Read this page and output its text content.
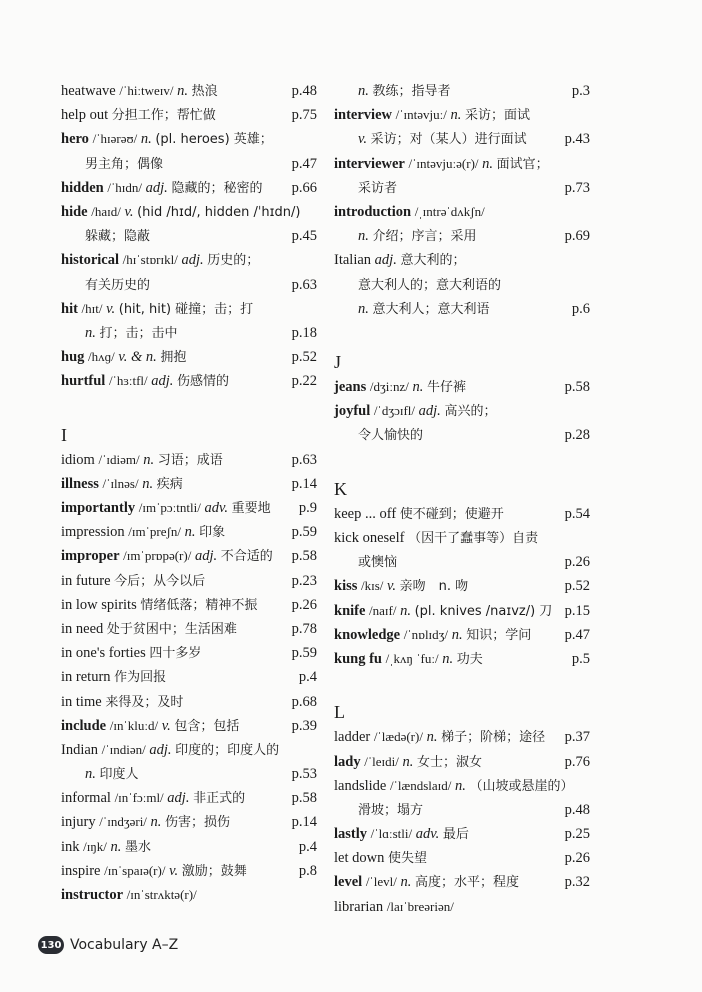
heatwave /ˈhiːtweɪv/ n. 热浪	p.48
help out 分担工作；帮忙做	p.75
hero /ˈhɪərəʊ/ n. (pl. heroes) 英雄；
男主角；偶像	p.47
hidden /ˈhɪdn/ adj. 隐藏的；秘密的 p.66
hide /haɪd/ v. (hid /hɪd/, hidden /ˈhɪdn/)
躲藏；隐蔽	p.45
historical /hɪˈstɒrɪkl/ adj. 历史的；
有关历史的	p.63
hit /hɪt/ v. (hit, hit) 碰撞；击；打
n. 打；击；击中	p.18
hug /hʌɡ/ v. & n. 拥抱	p.52
hurtful /ˈhɜːtfl/ adj. 伤感情的	p.22
I
idiom /ˈɪdiəm/ n. 习语；成语	p.63
illness /ˈɪlnəs/ n. 疾病	p.14
importantly /ɪmˈpɔːtntli/ adv. 重要地 p.9
impression /ɪmˈpreʃn/ n. 印象	p.59
improper /ɪmˈprɒpə(r)/ adj. 不合适的 p.58
in future 今后；从今以后	p.23
in low spirits 情绪低落；精神不振 p.26
in need 处于贫困中；生活困难	p.78
in one's forties 四十多岁	p.59
in return 作为回报	p.4
in time 来得及；及时	p.68
include /ɪnˈkluːd/ v. 包含；包括	p.39
Indian /ˈɪndiən/ adj. 印度的；印度人的
n. 印度人	p.53
informal /ɪnˈfɔːml/ adj. 非正式的	p.58
injury /ˈɪndʒəri/ n. 伤害；损伤	p.14
ink /ɪŋk/ n. 墨水	p.4
inspire /ɪnˈspaɪə(r)/ v. 激励；鼓舞	p.8
instructor /ɪnˈstrʌktə(r)/
n. 教练；指导者	p.3
interview /ˈɪntəvjuː/ n. 采访；面试
v. 采访；对（某人）进行面试	p.43
interviewer /ˈɪntəvjuːə(r)/ n. 面试官；
采访者	p.73
introduction /ˌɪntrəˈdʌkʃn/
n. 介绍；序言；采用	p.69
Italian adj. 意大利的；
意大利人的；意大利语的
n. 意大利人；意大利语	p.6
J
jeans /dʒiːnz/ n. 牛仔裤	p.58
joyful /ˈdʒɔɪfl/ adj. 高兴的；
令人愉快的	p.28
K
keep ... off 使不碰到；使避开	p.54
kick oneself （因干了蠢事等）自责
或懊恼	p.26
kiss /kɪs/ v. 亲吻　n. 吻	p.52
knife /naɪf/ n. (pl. knives /naɪvz/) 刀 p.15
knowledge /ˈnɒlɪdʒ/ n. 知识；学问 p.47
kung fu /ˌkʌŋ ˈfuː/ n. 功夫	p.5
L
ladder /ˈlædə(r)/ n. 梯子；阶梯；途径 p.37
lady /ˈleɪdi/ n. 女士；淑女	p.76
landslide /ˈlændslaɪd/ n. （山坡或悬崖的）
滑坡；塌方	p.48
lastly /ˈlɑːstli/ adv. 最后	p.25
let down 使失望	p.26
level /ˈlevl/ n. 高度；水平；程度	p.32
librarian /laɪˈbreəriən/
130 Vocabulary A–Z
